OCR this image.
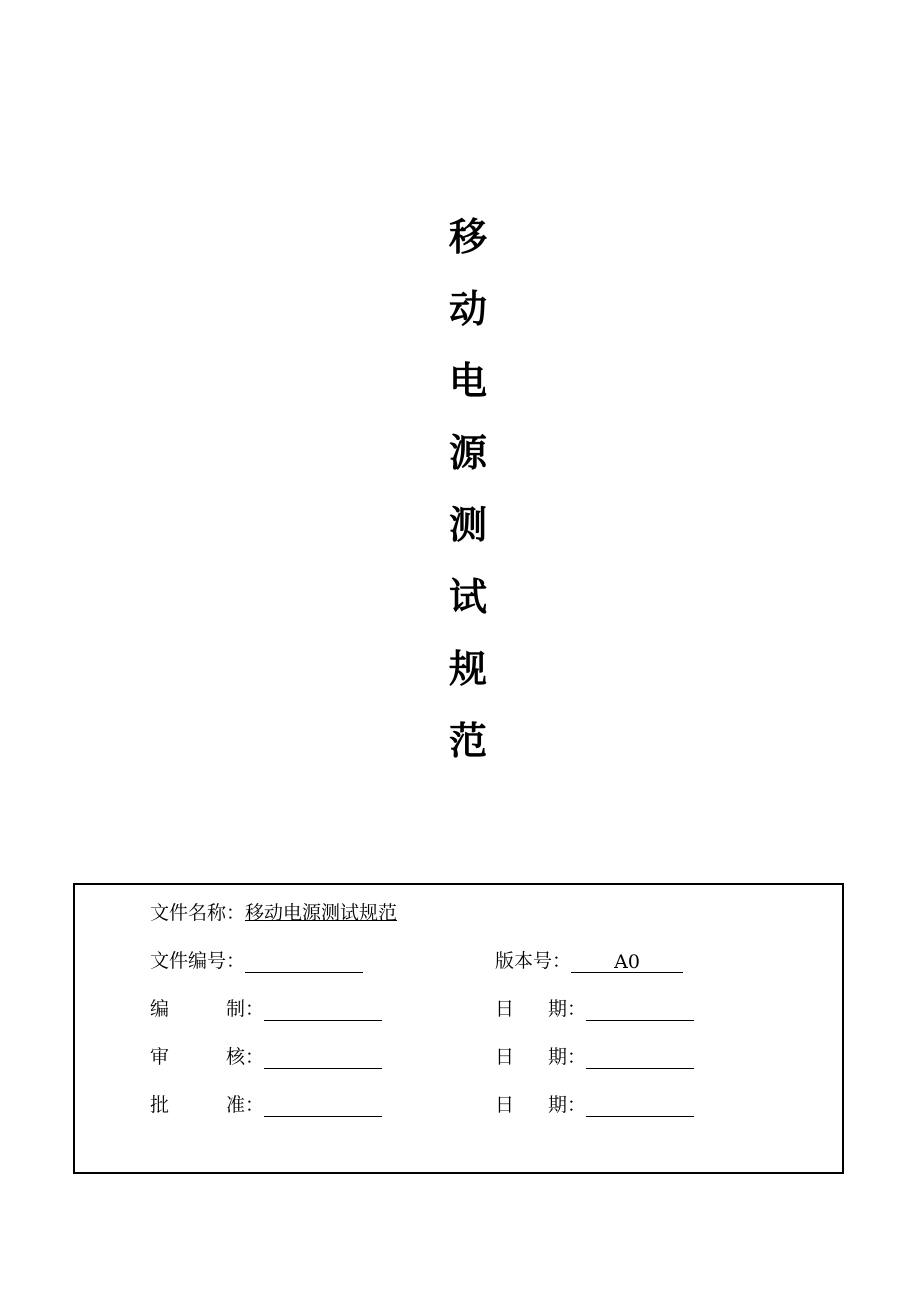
移
动
电
源
测
试
规
范
文件名称：移动电源测试规范
文件编号：	版本号： A0
编	制 ：	日 期 ：
审	核 ：	日 期 ：
批	准 ：	日 期 ：
